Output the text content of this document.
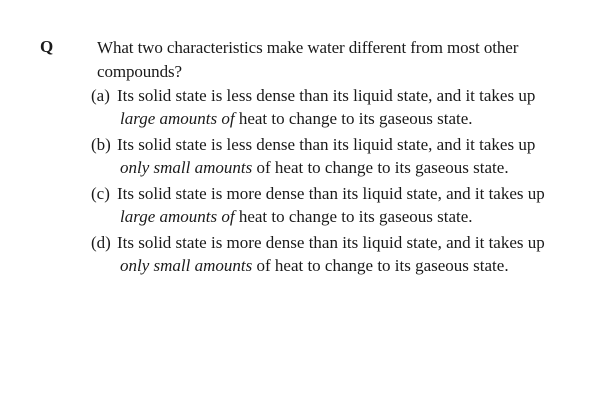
Q	What two characteristics make water different from most other
compounds?
(a) Its solid state is less dense than its liquid state, and it takes up
large amounts of heat to change to its gaseous state.
(b) Its solid state is less dense than its liquid state, and it takes up
only small amounts of heat to change to its gaseous state.
(c) Its solid state is more dense than its liquid state, and it takes up
large amounts of heat to change to its gaseous state.
(d) Its solid state is more dense than its liquid state, and it takes up
only small amounts of heat to change to its gaseous state.
